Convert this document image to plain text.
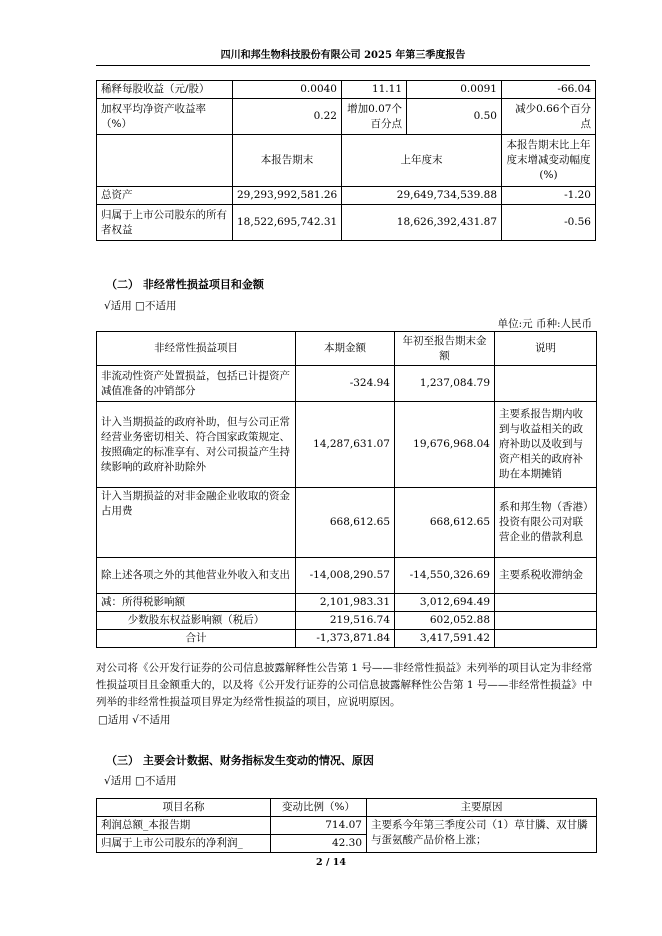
四川和邦生物科技股份有限公司 2025 年第三季度报告
稀释每股收益（元/股）	0.0040	11.11	0.0091	-66.04
加权平均净资产收益率（%）	0.22	增加0.07个百分点	0.50	减少0.66个百分点
	本报告期末	上年度末		本报告期末比上年度末增减变动幅度(%)
总资产	29,293,992,581.26	29,649,734,539.88		-1.20
归属于上市公司股东的所有者权益	18,522,695,742.31	18,626,392,431.87		-0.56
（二） 非经常性损益项目和金额
√适用 □不适用
单位:元 币种:人民币
非经常性损益项目	本期金额	年初至报告期末金额	说明
非流动性资产处置损益，包括已计提资产减值准备的冲销部分	-324.94	1,237,084.79	
计入当期损益的政府补助，但与公司正常经营业务密切相关、符合国家政策规定、按照确定的标准享有、对公司损益产生持续影响的政府补助除外	14,287,631.07	19,676,968.04	主要系报告期内收到与收益相关的政府补助以及收到与资产相关的政府补助在本期摊销
计入当期损益的对非金融企业收取的资金占用费	668,612.65	668,612.65	系和邦生物（香港）投资有限公司对联营企业的借款利息
除上述各项之外的其他营业外收入和支出	-14,008,290.57	-14,550,326.69	主要系税收滞纳金
减：所得税影响额	2,101,983.31	3,012,694.49	
少数股东权益影响额（税后）	219,516.74	602,052.88	
合计	-1,373,871.84	3,417,591.42	
对公司将《公开发行证券的公司信息披露解释性公告第 1 号——非经常性损益》未列举的项目认定为非经常性损益项目且金额重大的，以及将《公开发行证券的公司信息披露解释性公告第 1 号——非经常性损益》中列举的非经常性损益项目界定为经常性损益的项目，应说明原因。
□适用 √不适用
（三） 主要会计数据、财务指标发生变动的情况、原因
√适用 □不适用
项目名称	变动比例（%）	主要原因
利润总额_本报告期	714.07	主要系今年第三季度公司（1）草甘膦、双甘膦与蛋氨酸产品价格上涨；
归属于上市公司股东的净利润_	42.30	
2 / 14
